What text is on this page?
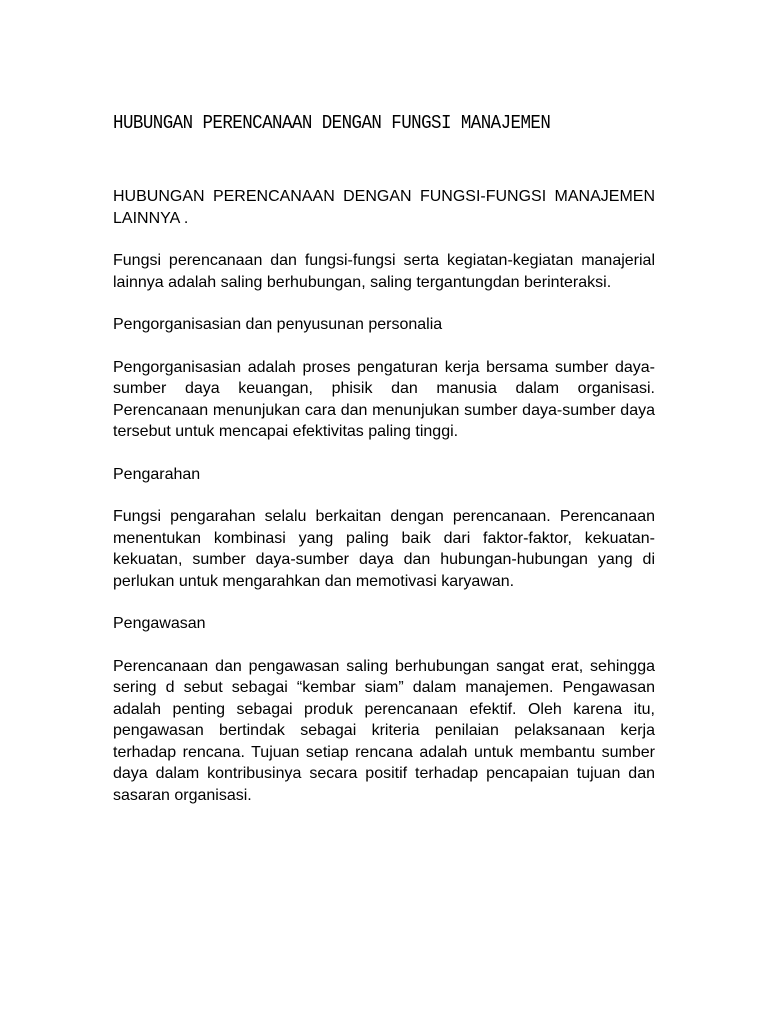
HUBUNGAN PERENCANAAN DENGAN FUNGSI MANAJEMEN

HUBUNGAN PERENCANAAN DENGAN FUNGSI-FUNGSI MANAJEMEN LAINNYA .

Fungsi perencanaan dan fungsi-fungsi serta kegiatan-kegiatan manajerial lainnya adalah saling berhubungan, saling tergantungdan berinteraksi.

Pengorganisasian dan penyusunan personalia

Pengorganisasian adalah proses pengaturan kerja bersama sumber daya-sumber daya keuangan, phisik dan manusia dalam organisasi. Perencanaan menunjukan cara dan menunjukan sumber daya-sumber daya tersebut untuk mencapai efektivitas paling tinggi.

Pengarahan

Fungsi pengarahan selalu berkaitan dengan perencanaan. Perencanaan menentukan kombinasi yang paling baik dari faktor-faktor, kekuatan-kekuatan, sumber daya-sumber daya dan hubungan-hubungan yang di perlukan untuk mengarahkan dan memotivasi karyawan.

Pengawasan

Perencanaan dan pengawasan saling berhubungan sangat erat, sehingga sering d sebut sebagai “kembar siam” dalam manajemen. Pengawasan adalah penting sebagai produk perencanaan efektif. Oleh karena itu, pengawasan bertindak sebagai kriteria penilaian pelaksanaan kerja terhadap rencana. Tujuan setiap rencana adalah untuk membantu sumber daya dalam kontribusinya secara positif terhadap pencapaian tujuan dan sasaran organisasi.
